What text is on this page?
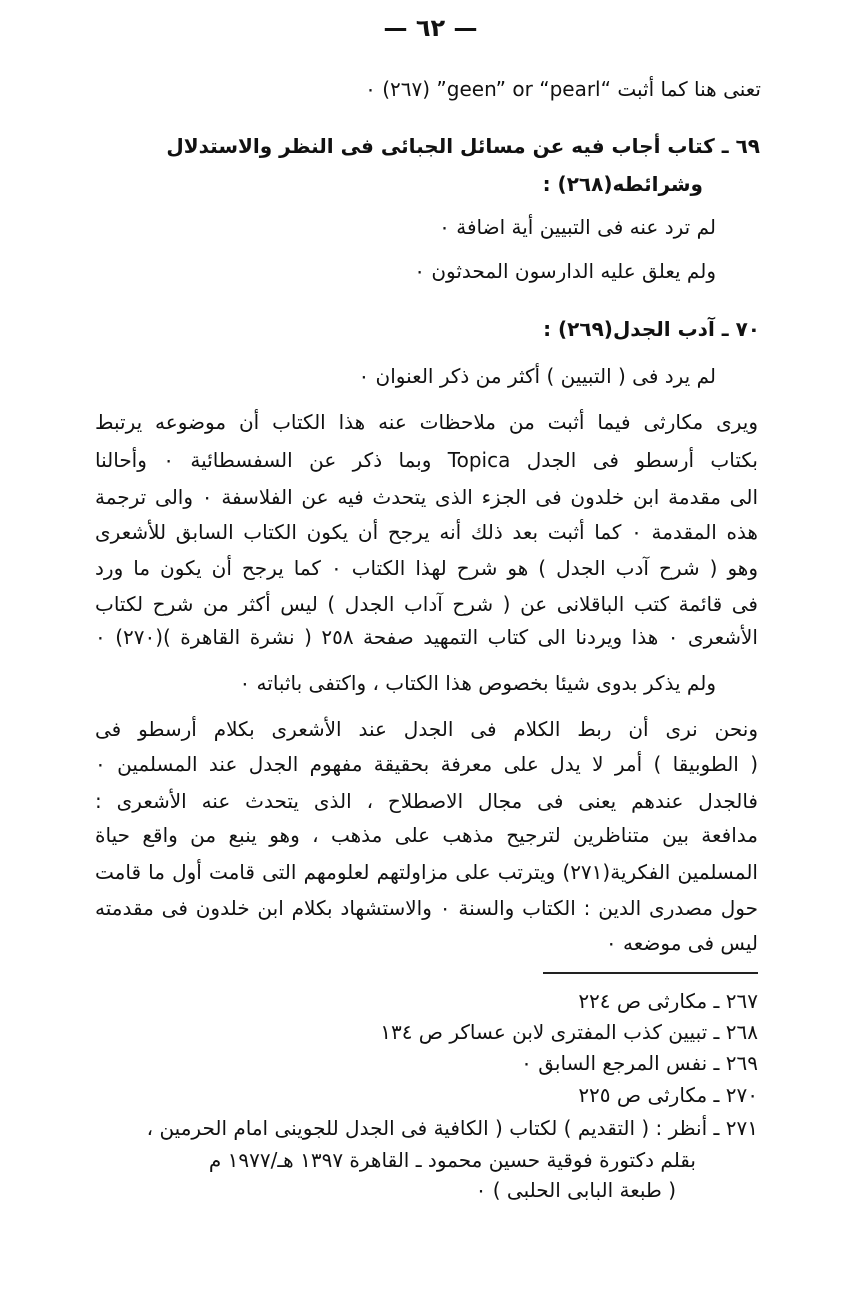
— ٦٢ —
تعنى هنا كما أثبت “geen” or “pearl” (٢٦٧) ٠
٦٩ ـ كتاب أجاب فيه عن مسائل الجبائى فى النظر والاستدلال
وشرائطه(٢٦٨) :
لم ترد عنه فى التبيين أية اضافة ٠
ولم يعلق عليه الدارسون المحدثون ٠
٧٠ ـ آدب الجدل(٢٦٩) :
لم يرد فى ( التبيين ) أكثر من ذكر العنوان ٠
ويرى مكارثى فيما أثبت من ملاحظات عنه هذا الكتاب أن موضوعه يرتبط
بكتاب أرسطو فى الجدل Topica وبما ذكر عن السفسطائية ٠ وأحالنا
الى مقدمة ابن خلدون فى الجزء الذى يتحدث فيه عن الفلاسفة ٠ والى ترجمة
هذه المقدمة ٠ كما أثبت بعد ذلك أنه يرجح أن يكون الكتاب السابق للأشعرى
وهو ( شرح آدب الجدل ) هو شرح لهذا الكتاب ٠ كما يرجح أن يكون ما ورد
فى قائمة كتب الباقلانى عن ( شرح آداب الجدل ) ليس أكثر من شرح لكتاب
الأشعرى ٠ هذا ويردنا الى كتاب التمهيد صفحة ٢٥٨ ( نشرة القاهرة )(٢٧٠) ٠
ولم يذكر بدوى شيئا بخصوص هذا الكتاب ، واكتفى باثباته ٠
ونحن نرى أن ربط الكلام فى الجدل عند الأشعرى بكلام أرسطو فى
( الطوبيقا ) أمر لا يدل على معرفة بحقيقة مفهوم الجدل عند المسلمين ٠
فالجدل عندهم يعنى فى مجال الاصطلاح ، الذى يتحدث عنه الأشعرى :
مدافعة بين متناظرين لترجيح مذهب على مذهب ، وهو ينبع من واقع حياة
المسلمين الفكرية(٢٧١) ويترتب على مزاولتهم لعلومهم التى قامت أول ما قامت
حول مصدرى الدين : الكتاب والسنة ٠ والاستشهاد بكلام ابن خلدون فى مقدمته
ليس فى موضعه ٠
٢٦٧ ـ مكارثى ص ٢٢٤
٢٦٨ ـ تبيين كذب المفترى لابن عساكر ص ١٣٤
٢٦٩ ـ نفس المرجع السابق ٠
٢٧٠ ـ مكارثى ص ٢٢٥
٢٧١ ـ أنظر : ( التقديم ) لكتاب ( الكافية فى الجدل للجوينى امام الحرمين ،
بقلم دكتورة فوقية حسين محمود ـ القاهرة ١٣٩٧ هـ/١٩٧٧ م
( طبعة البابى الحلبى ) ٠
